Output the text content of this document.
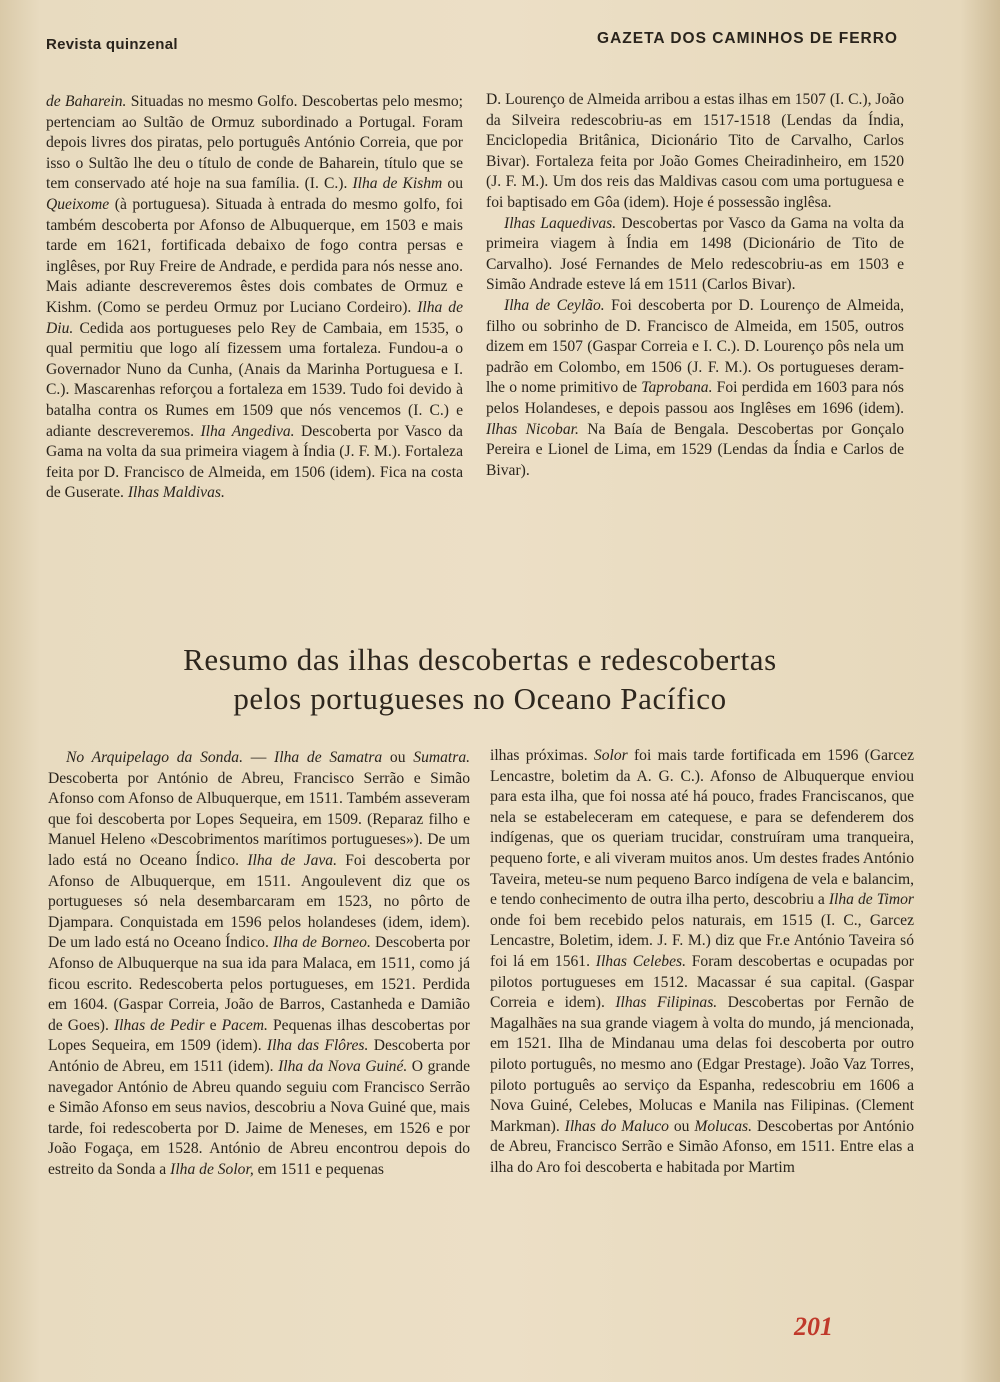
Revista quinzenal	GAZETA DOS CAMINHOS DE FERRO

de Baharein. Situadas no mesmo Golfo. Descobertas pelo mesmo; pertenciam ao Sultão de Ormuz subordinado a Portugal. Foram depois livres dos piratas, pelo português António Correia, que por isso o Sultão lhe deu o título de conde de Baharein, título que se tem conservado até hoje na sua família. (I. C.). Ilha de Kishm ou Queixome (à portuguesa). Situada à entrada do mesmo golfo, foi também descoberta por Afonso de Albuquerque, em 1503 e mais tarde em 1621, fortificada debaixo de fogo contra persas e inglêses, por Ruy Freire de Andrade, e perdida para nós nesse ano. Mais adiante descreveremos êstes dois combates de Ormuz e Kishm. (Como se perdeu Ormuz por Luciano Cordeiro). Ilha de Diu. Cedida aos portugueses pelo Rey de Cambaia, em 1535, o qual permitiu que logo alí fizessem uma fortaleza. Fundou-a o Governador Nuno da Cunha, (Anais da Marinha Portuguesa e I. C.). Mascarenhas reforçou a fortaleza em 1539. Tudo foi devido à batalha contra os Rumes em 1509 que nós vencemos (I. C.) e adiante descreveremos. Ilha Angediva. Descoberta por Vasco da Gama na volta da sua primeira viagem à Índia (J. F. M.). Fortaleza feita por D. Francisco de Almeida, em 1506 (idem). Fica na costa de Guserate. Ilhas Maldivas.

D. Lourenço de Almeida arribou a estas ilhas em 1507 (I. C.), João da Silveira redescobriu-as em 1517-1518 (Lendas da Índia, Enciclopedia Britânica, Dicionário Tito de Carvalho, Carlos Bivar). Fortaleza feita por João Gomes Cheiradinheiro, em 1520 (J. F. M.). Um dos reis das Maldivas casou com uma portuguesa e foi baptisado em Gôa (idem). Hoje é possessão inglêsa.

Ilhas Laquedivas. Descobertas por Vasco da Gama na volta da primeira viagem à Índia em 1498 (Dicionário de Tito de Carvalho). José Fernandes de Melo redescobriu-as em 1503 e Simão Andrade esteve lá em 1511 (Carlos Bivar).

Ilha de Ceylão. Foi descoberta por D. Lourenço de Almeida, filho ou sobrinho de D. Francisco de Almeida, em 1505, outros dizem em 1507 (Gaspar Correia e I. C.). D. Lourenço pôs nela um padrão em Colombo, em 1506 (J. F. M.). Os portugueses deram-lhe o nome primitivo de Taprobana. Foi perdida em 1603 para nós pelos Holandeses, e depois passou aos Inglêses em 1696 (idem). Ilhas Nicobar. Na Baía de Bengala. Descobertas por Gonçalo Pereira e Lionel de Lima, em 1529 (Lendas da Índia e Carlos de Bivar).

Resumo das ilhas descobertas e redescobertas
pelos portugueses no Oceano Pacífico

No Arquipelago da Sonda. — Ilha de Samatra ou Sumatra. Descoberta por António de Abreu, Francisco Serrão e Simão Afonso com Afonso de Albuquerque, em 1511. Também asseveram que foi descoberta por Lopes Sequeira, em 1509. (Reparaz filho e Manuel Heleno «Descobrimentos marítimos portugueses»). De um lado está no Oceano Índico. Ilha de Java. Foi descoberta por Afonso de Albuquerque, em 1511. Angoulevent diz que os portugueses só nela desembarcaram em 1523, no pôrto de Djampara. Conquistada em 1596 pelos holandeses (idem, idem). De um lado está no Oceano Índico. Ilha de Borneo. Descoberta por Afonso de Albuquerque na sua ida para Malaca, em 1511, como já ficou escrito. Redescoberta pelos portugueses, em 1521. Perdida em 1604. (Gaspar Correia, João de Barros, Castanheda e Damião de Goes). Ilhas de Pedir e Pacem. Pequenas ilhas descobertas por Lopes Sequeira, em 1509 (idem). Ilha das Flôres. Descoberta por António de Abreu, em 1511 (idem). Ilha da Nova Guiné. O grande navegador António de Abreu quando seguiu com Francisco Serrão e Simão Afonso em seus navios, descobriu a Nova Guiné que, mais tarde, foi redescoberta por D. Jaime de Meneses, em 1526 e por João Fogaça, em 1528. António de Abreu encontrou depois do estreito da Sonda a Ilha de Solor, em 1511 e pequenas

ilhas próximas. Solor foi mais tarde fortificada em 1596 (Garcez Lencastre, boletim da A. G. C.). Afonso de Albuquerque enviou para esta ilha, que foi nossa até há pouco, frades Franciscanos, que nela se estabeleceram em catequese, e para se defenderem dos indígenas, que os queriam trucidar, construíram uma tranqueira, pequeno forte, e ali viveram muitos anos. Um destes frades António Taveira, meteu-se num pequeno Barco indígena de vela e balancim, e tendo conhecimento de outra ilha perto, descobriu a Ilha de Timor onde foi bem recebido pelos naturais, em 1515 (I. C., Garcez Lencastre, Boletim, idem. J. F. M.) diz que Fr.e António Taveira só foi lá em 1561. Ilhas Celebes. Foram descobertas e ocupadas por pilotos portugueses em 1512. Macassar é sua capital. (Gaspar Correia e idem). Ilhas Filipinas. Descobertas por Fernão de Magalhães na sua grande viagem à volta do mundo, já mencionada, em 1521. Ilha de Mindanau uma delas foi descoberta por outro piloto português, no mesmo ano (Edgar Prestage). João Vaz Torres, piloto português ao serviço da Espanha, redescobriu em 1606 a Nova Guiné, Celebes, Molucas e Manila nas Filipinas. (Clement Markman). Ilhas do Maluco ou Molucas. Descobertas por António de Abreu, Francisco Serrão e Simão Afonso, em 1511. Entre elas a ilha do Aro foi descoberta e habitada por Martim

201
